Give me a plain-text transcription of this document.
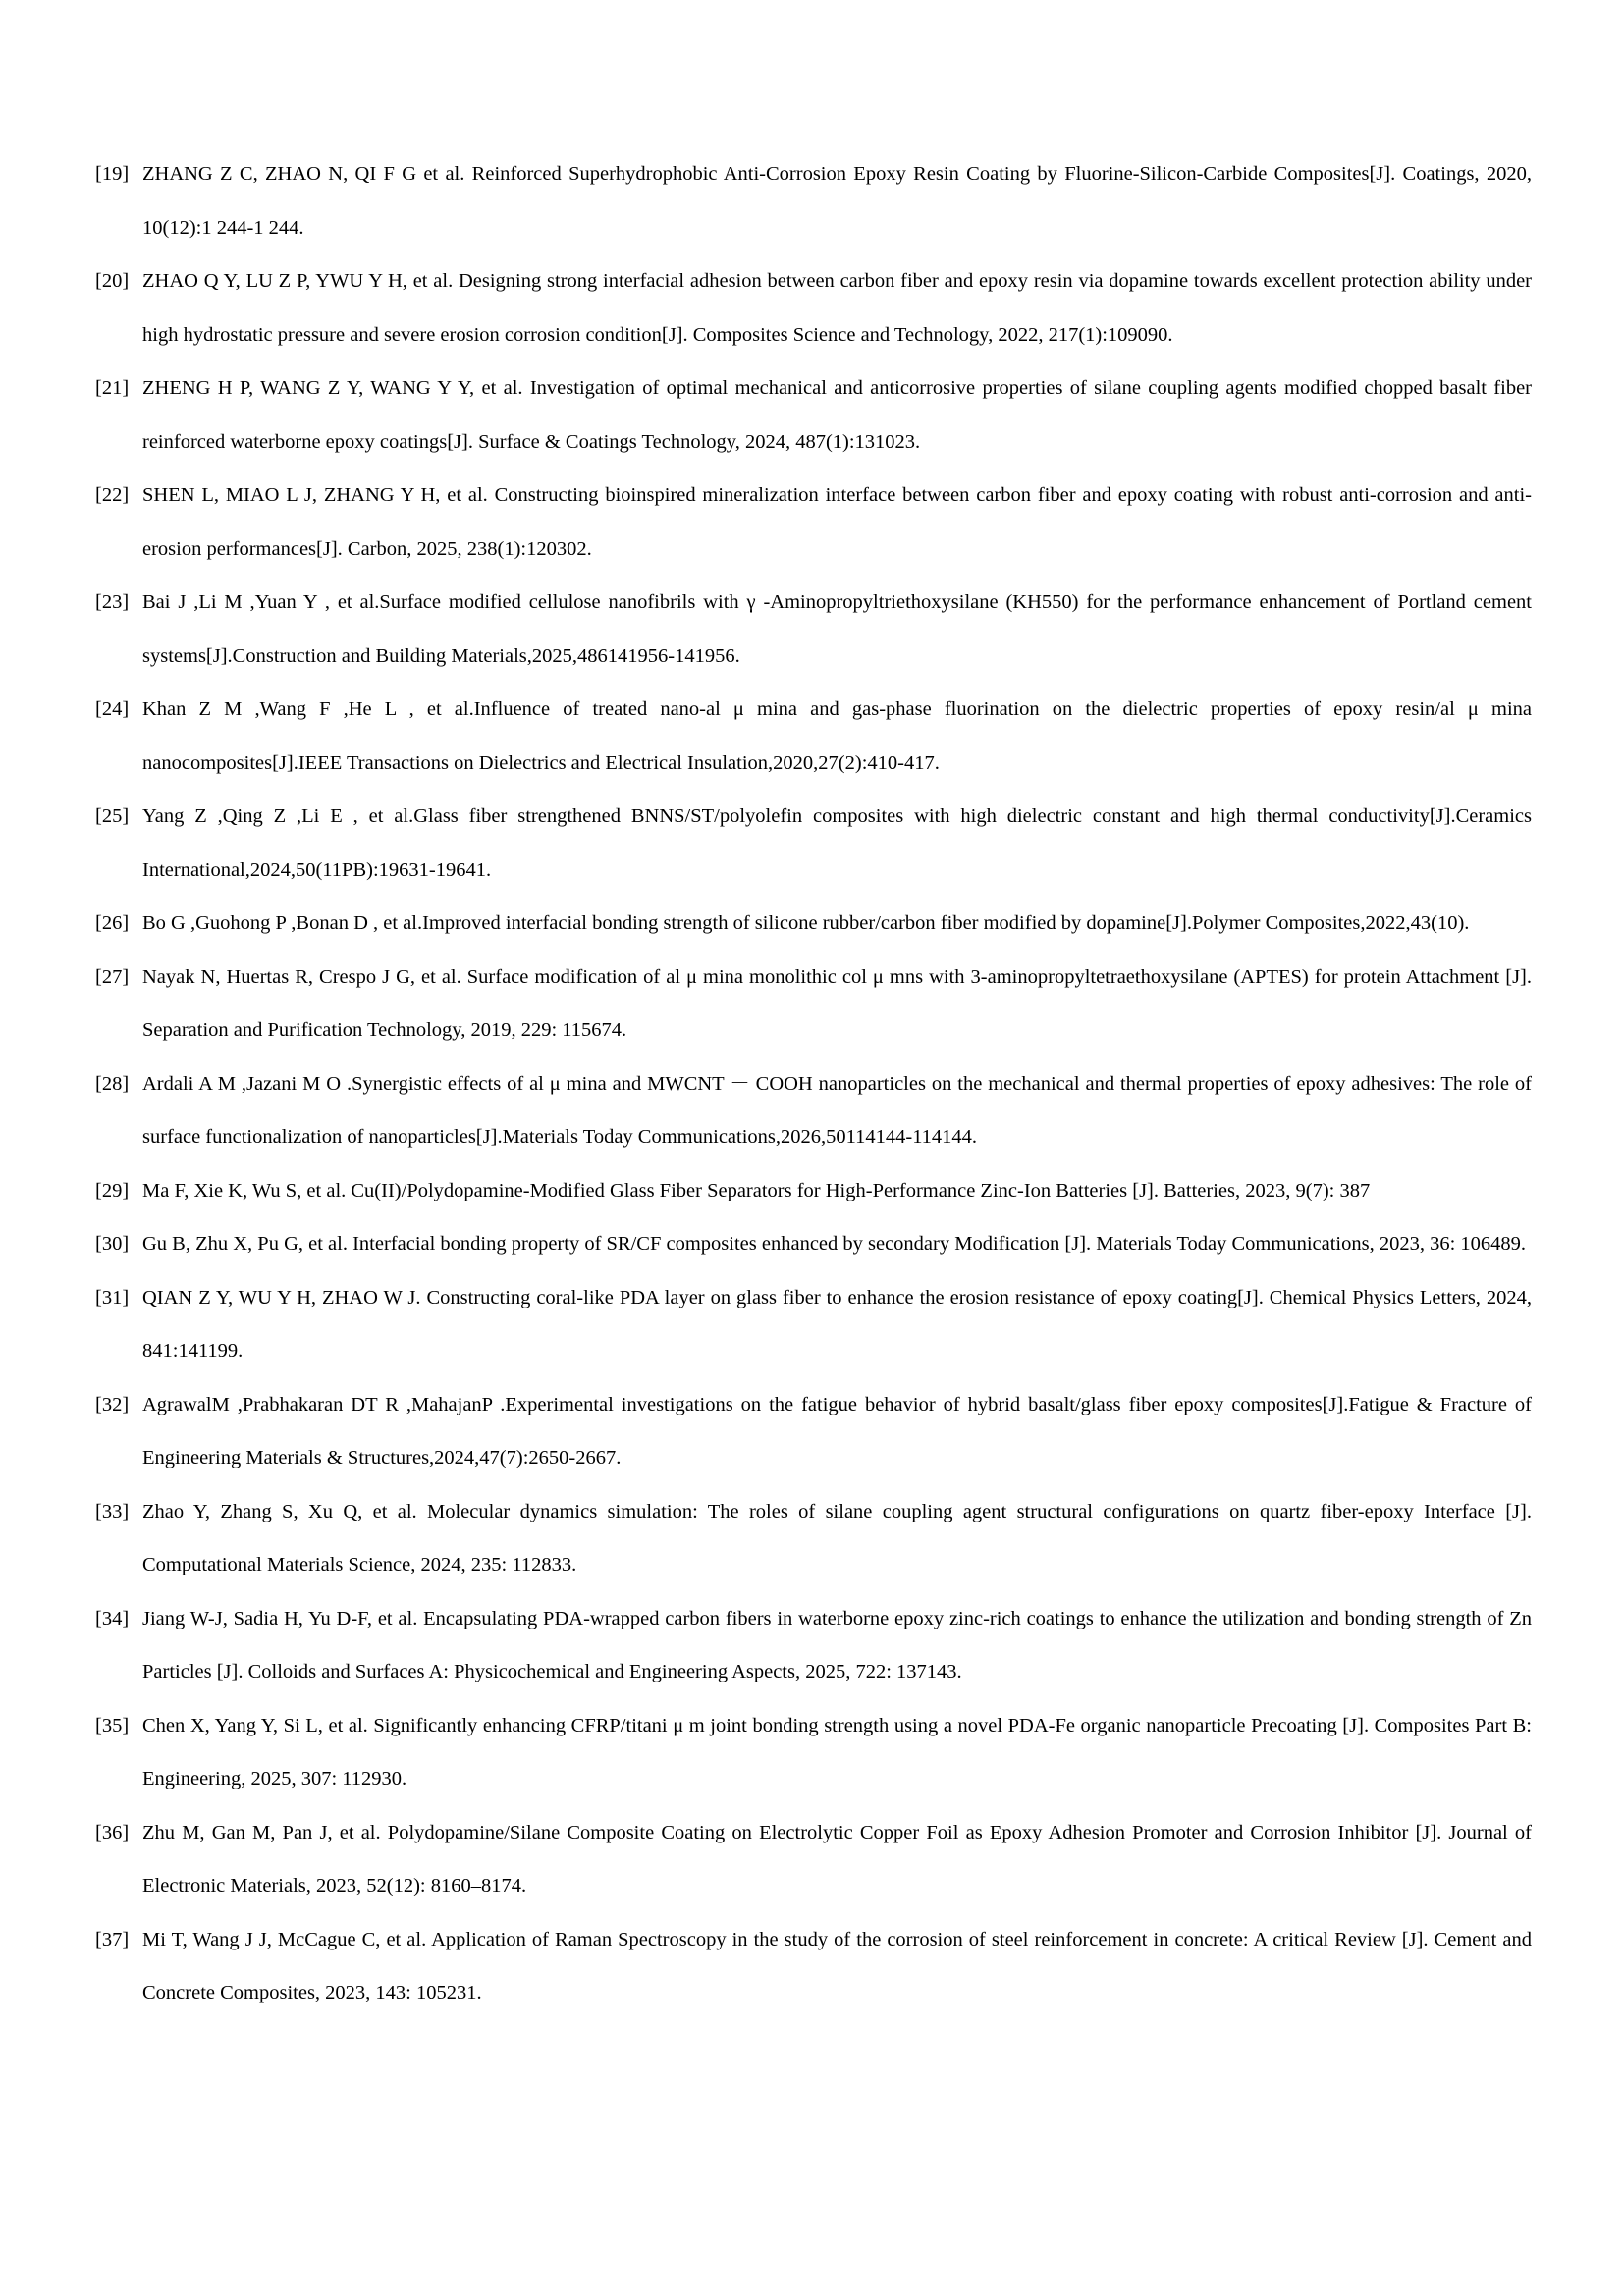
[19] ZHANG Z C, ZHAO N, QI F G et al. Reinforced Superhydrophobic Anti-Corrosion Epoxy Resin Coating by Fluorine-Silicon-Carbide Composites[J]. Coatings, 2020, 10(12):1 244-1 244.
[20] ZHAO Q Y, LU Z P, YWU Y H, et al. Designing strong interfacial adhesion between carbon fiber and epoxy resin via dopamine towards excellent protection ability under high hydrostatic pressure and severe erosion corrosion condition[J]. Composites Science and Technology, 2022, 217(1):109090.
[21] ZHENG H P, WANG Z Y, WANG Y Y, et al. Investigation of optimal mechanical and anticorrosive properties of silane coupling agents modified chopped basalt fiber reinforced waterborne epoxy coatings[J]. Surface & Coatings Technology, 2024, 487(1):131023.
[22] SHEN L, MIAO L J, ZHANG Y H, et al. Constructing bioinspired mineralization interface between carbon fiber and epoxy coating with robust anti-corrosion and anti-erosion performances[J]. Carbon, 2025, 238(1):120302.
[23] Bai J ,Li M ,Yuan Y , et al.Surface modified cellulose nanofibrils with γ -Aminopropyltriethoxysilane (KH550) for the performance enhancement of Portland cement systems[J].Construction and Building Materials,2025,486141956-141956.
[24] Khan Z M ,Wang F ,He L , et al.Influence of treated nano-al μ mina and gas-phase fluorination on the dielectric properties of epoxy resin/al μ mina nanocomposites[J].IEEE Transactions on Dielectrics and Electrical Insulation,2020,27(2):410-417.
[25] Yang Z ,Qing Z ,Li E , et al.Glass fiber strengthened BNNS/ST/polyolefin composites with high dielectric constant and high thermal conductivity[J].Ceramics International,2024,50(11PB):19631-19641.
[26] Bo G ,Guohong P ,Bonan D , et al.Improved interfacial bonding strength of silicone rubber/carbon fiber modified by dopamine[J].Polymer Composites,2022,43(10).
[27] Nayak N, Huertas R, Crespo J G, et al. Surface modification of al μ mina monolithic col μ mns with 3-aminopropyltetraethoxysilane (APTES) for protein Attachment [J]. Separation and Purification Technology, 2019, 229: 115674.
[28] Ardali A M ,Jazani M O .Synergistic effects of al μ mina and MWCNT － COOH nanoparticles on the mechanical and thermal properties of epoxy adhesives: The role of surface functionalization of nanoparticles[J].Materials Today Communications,2026,50114144-114144.
[29] Ma F, Xie K, Wu S, et al. Cu(II)/Polydopamine-Modified Glass Fiber Separators for High-Performance Zinc-Ion Batteries [J]. Batteries, 2023, 9(7): 387
[30] Gu B, Zhu X, Pu G, et al. Interfacial bonding property of SR/CF composites enhanced by secondary Modification [J]. Materials Today Communications, 2023, 36: 106489.
[31] QIAN Z Y, WU Y H, ZHAO W J. Constructing coral-like PDA layer on glass fiber to enhance the erosion resistance of epoxy coating[J]. Chemical Physics Letters, 2024, 841:141199.
[32] AgrawalM ,Prabhakaran DT R ,MahajanP .Experimental investigations on the fatigue behavior of hybrid basalt/glass fiber epoxy composites[J].Fatigue & Fracture of Engineering Materials & Structures,2024,47(7):2650-2667.
[33] Zhao Y, Zhang S, Xu Q, et al. Molecular dynamics simulation: The roles of silane coupling agent structural configurations on quartz fiber-epoxy Interface [J]. Computational Materials Science, 2024, 235: 112833.
[34] Jiang W-J, Sadia H, Yu D-F, et al. Encapsulating PDA-wrapped carbon fibers in waterborne epoxy zinc-rich coatings to enhance the utilization and bonding strength of Zn Particles [J]. Colloids and Surfaces A: Physicochemical and Engineering Aspects, 2025, 722: 137143.
[35] Chen X, Yang Y, Si L, et al. Significantly enhancing CFRP/titani μ m joint bonding strength using a novel PDA-Fe organic nanoparticle Precoating [J]. Composites Part B: Engineering, 2025, 307: 112930.
[36] Zhu M, Gan M, Pan J, et al. Polydopamine/Silane Composite Coating on Electrolytic Copper Foil as Epoxy Adhesion Promoter and Corrosion Inhibitor [J]. Journal of Electronic Materials, 2023, 52(12): 8160–8174.
[37] Mi T, Wang J J, McCague C, et al. Application of Raman Spectroscopy in the study of the corrosion of steel reinforcement in concrete: A critical Review [J]. Cement and Concrete Composites, 2023, 143: 105231.
